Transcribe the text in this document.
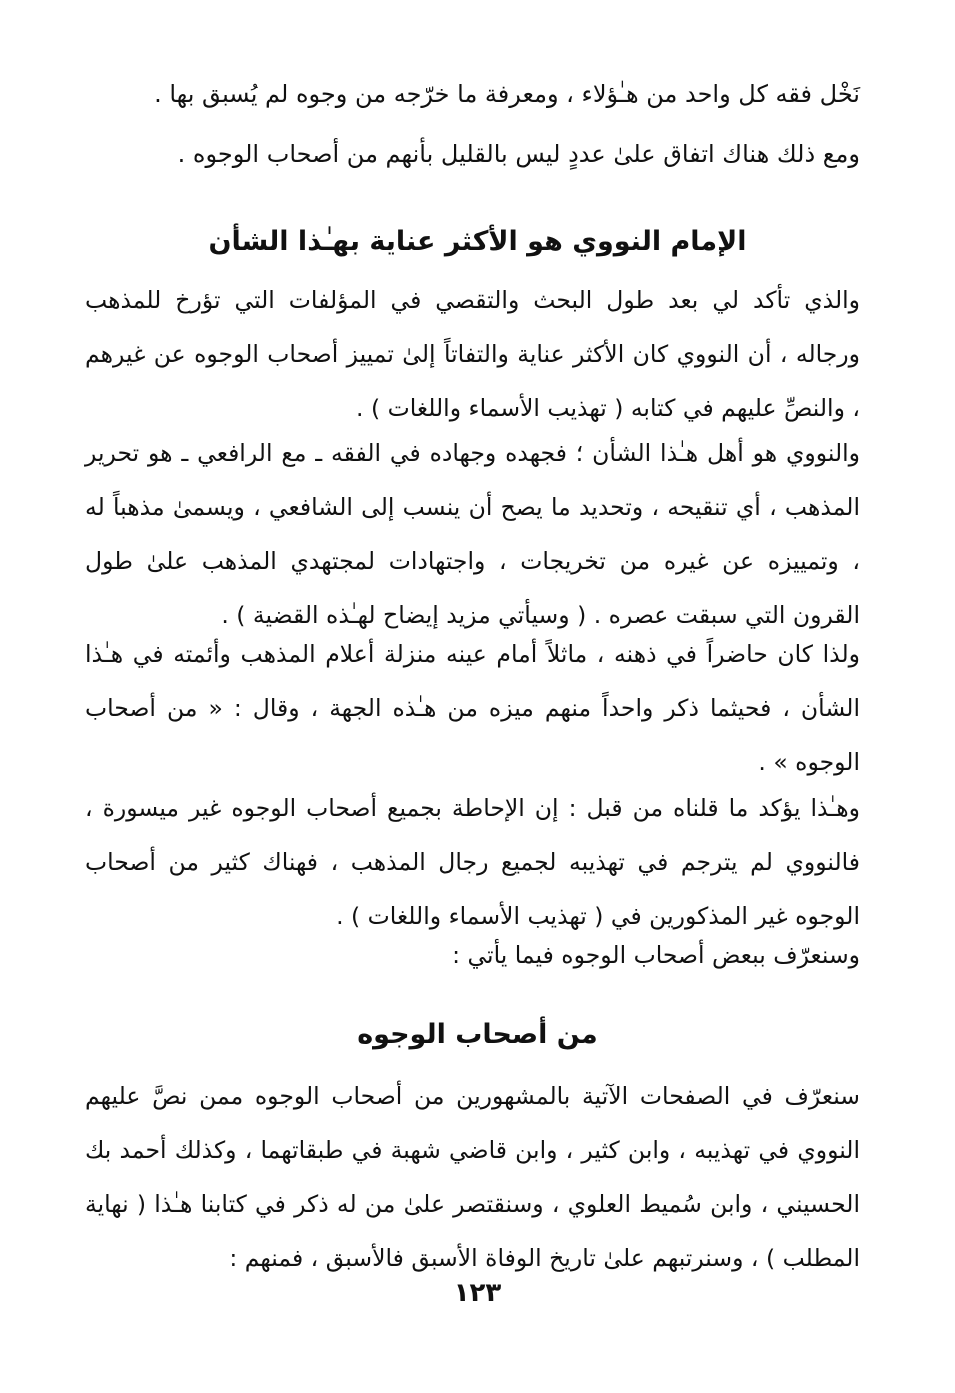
نَخْل فقه كل واحد من هـٰؤلاء ، ومعرفة ما خرّجه من وجوه لم يُسبق بها .
ومع ذلك هناك اتفاق علىٰ عددٍ ليس بالقليل بأنهم من أصحاب الوجوه .
الإمام النووي هو الأكثر عناية بهـٰذا الشأن
والذي تأكد لي بعد طول البحث والتقصي في المؤلفات التي تؤرخ للمذهب ورجاله ، أن النووي كان الأكثر عناية والتفاتاً إلىٰ تمييز أصحاب الوجوه عن غيرهم ، والنصِّ عليهم في كتابه ( تهذيب الأسماء واللغات ) .
والنووي هو أهل هـٰذا الشأن ؛ فجهده وجهاده في الفقه ـ مع الرافعي ـ هو تحرير المذهب ، أي تنقيحه ، وتحديد ما يصح أن ينسب إلى الشافعي ، ويسمىٰ مذهباً له ، وتمييزه عن غيره من تخريجات ، واجتهادات لمجتهدي المذهب علىٰ طول القرون التي سبقت عصره . ( وسيأتي مزيد إيضاح لهـٰذه القضية ) .
ولذا كان حاضراً في ذهنه ، ماثلاً أمام عينه منزلة أعلام المذهب وأئمته في هـٰذا الشأن ، فحيثما ذكر واحداً منهم ميزه من هـٰذه الجهة ، وقال : « من أصحاب الوجوه » .
وهـٰذا يؤكد ما قلناه من قبل : إن الإحاطة بجميع أصحاب الوجوه غير ميسورة ، فالنووي لم يترجم في تهذيبه لجميع رجال المذهب ، فهناك كثير من أصحاب الوجوه غير المذكورين في ( تهذيب الأسماء واللغات ) .
وسنعرّف ببعض أصحاب الوجوه فيما يأتي :
من أصحاب الوجوه
سنعرّف في الصفحات الآتية بالمشهورين من أصحاب الوجوه ممن نصَّ عليهم النووي في تهذيبه ، وابن كثير ، وابن قاضي شهبة في طبقاتهما ، وكذلك أحمد بك الحسيني ، وابن سُميط العلوي ، وسنقتصر علىٰ من له ذكر في كتابنا هـٰذا ( نهاية المطلب ) ، وسنرتبهم علىٰ تاريخ الوفاة الأسبق فالأسبق ، فمنهم :
١٢٣
